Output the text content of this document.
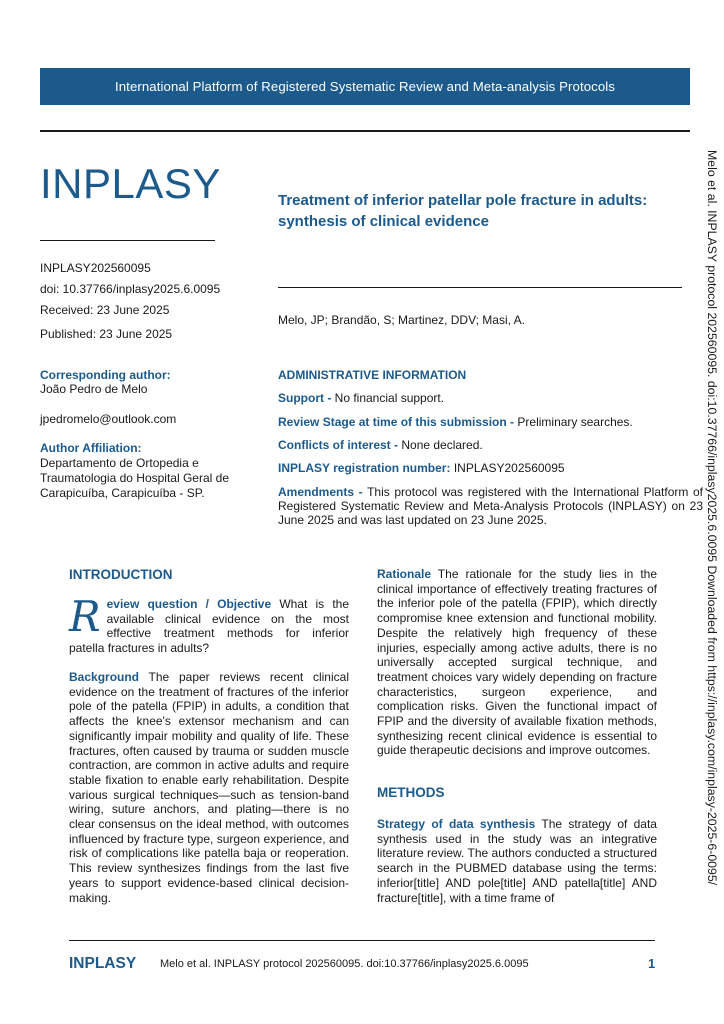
International Platform of Registered Systematic Review and Meta-analysis Protocols
INPLASY	Treatment of inferior patellar pole fracture in adults: synthesis of clinical evidence
INPLASY202560095
doi: 10.37766/inplasy2025.6.0095
Received: 23 June 2025
Published: 23 June 2025
Melo, JP; Brandão, S; Martinez, DDV; Masi, A.
Corresponding author:
João Pedro de Melo
jpedromelo@outlook.com
Author Affiliation:
Departamento de Ortopedia e Traumatologia do Hospital Geral de Carapicuíba, Carapicuíba - SP.
ADMINISTRATIVE INFORMATION
Support - No financial support.
Review Stage at time of this submission - Preliminary searches.
Conflicts of interest - None declared.
INPLASY registration number: INPLASY202560095
Amendments - This protocol was registered with the International Platform of Registered Systematic Review and Meta-Analysis Protocols (INPLASY) on 23 June 2025 and was last updated on 23 June 2025.
INTRODUCTION
Review question / Objective What is the available clinical evidence on the most effective treatment methods for inferior patella fractures in adults?
Background The paper reviews recent clinical evidence on the treatment of fractures of the inferior pole of the patella (FPIP) in adults, a condition that affects the knee's extensor mechanism and can significantly impair mobility and quality of life. These fractures, often caused by trauma or sudden muscle contraction, are common in active adults and require stable fixation to enable early rehabilitation. Despite various surgical techniques—such as tension-band wiring, suture anchors, and plating—there is no clear consensus on the ideal method, with outcomes influenced by fracture type, surgeon experience, and risk of complications like patella baja or reoperation. This review synthesizes findings from the last five years to support evidence-based clinical decision-making.
Rationale The rationale for the study lies in the clinical importance of effectively treating fractures of the inferior pole of the patella (FPIP), which directly compromise knee extension and functional mobility. Despite the relatively high frequency of these injuries, especially among active adults, there is no universally accepted surgical technique, and treatment choices vary widely depending on fracture characteristics, surgeon experience, and complication risks. Given the functional impact of FPIP and the diversity of available fixation methods, synthesizing recent clinical evidence is essential to guide therapeutic decisions and improve outcomes.
METHODS
Strategy of data synthesis The strategy of data synthesis used in the study was an integrative literature review. The authors conducted a structured search in the PUBMED database using the terms: inferior[title] AND pole[title] AND patella[title] AND fracture[title], with a time frame of
Melo et al. INPLASY protocol 202560095. doi:10.37766/inplasy2025.6.0095 Downloaded from https://inplasy.com/inplasy-2025-6-0095/
INPLASY Melo et al. INPLASY protocol 202560095. doi:10.37766/inplasy2025.6.0095	1
